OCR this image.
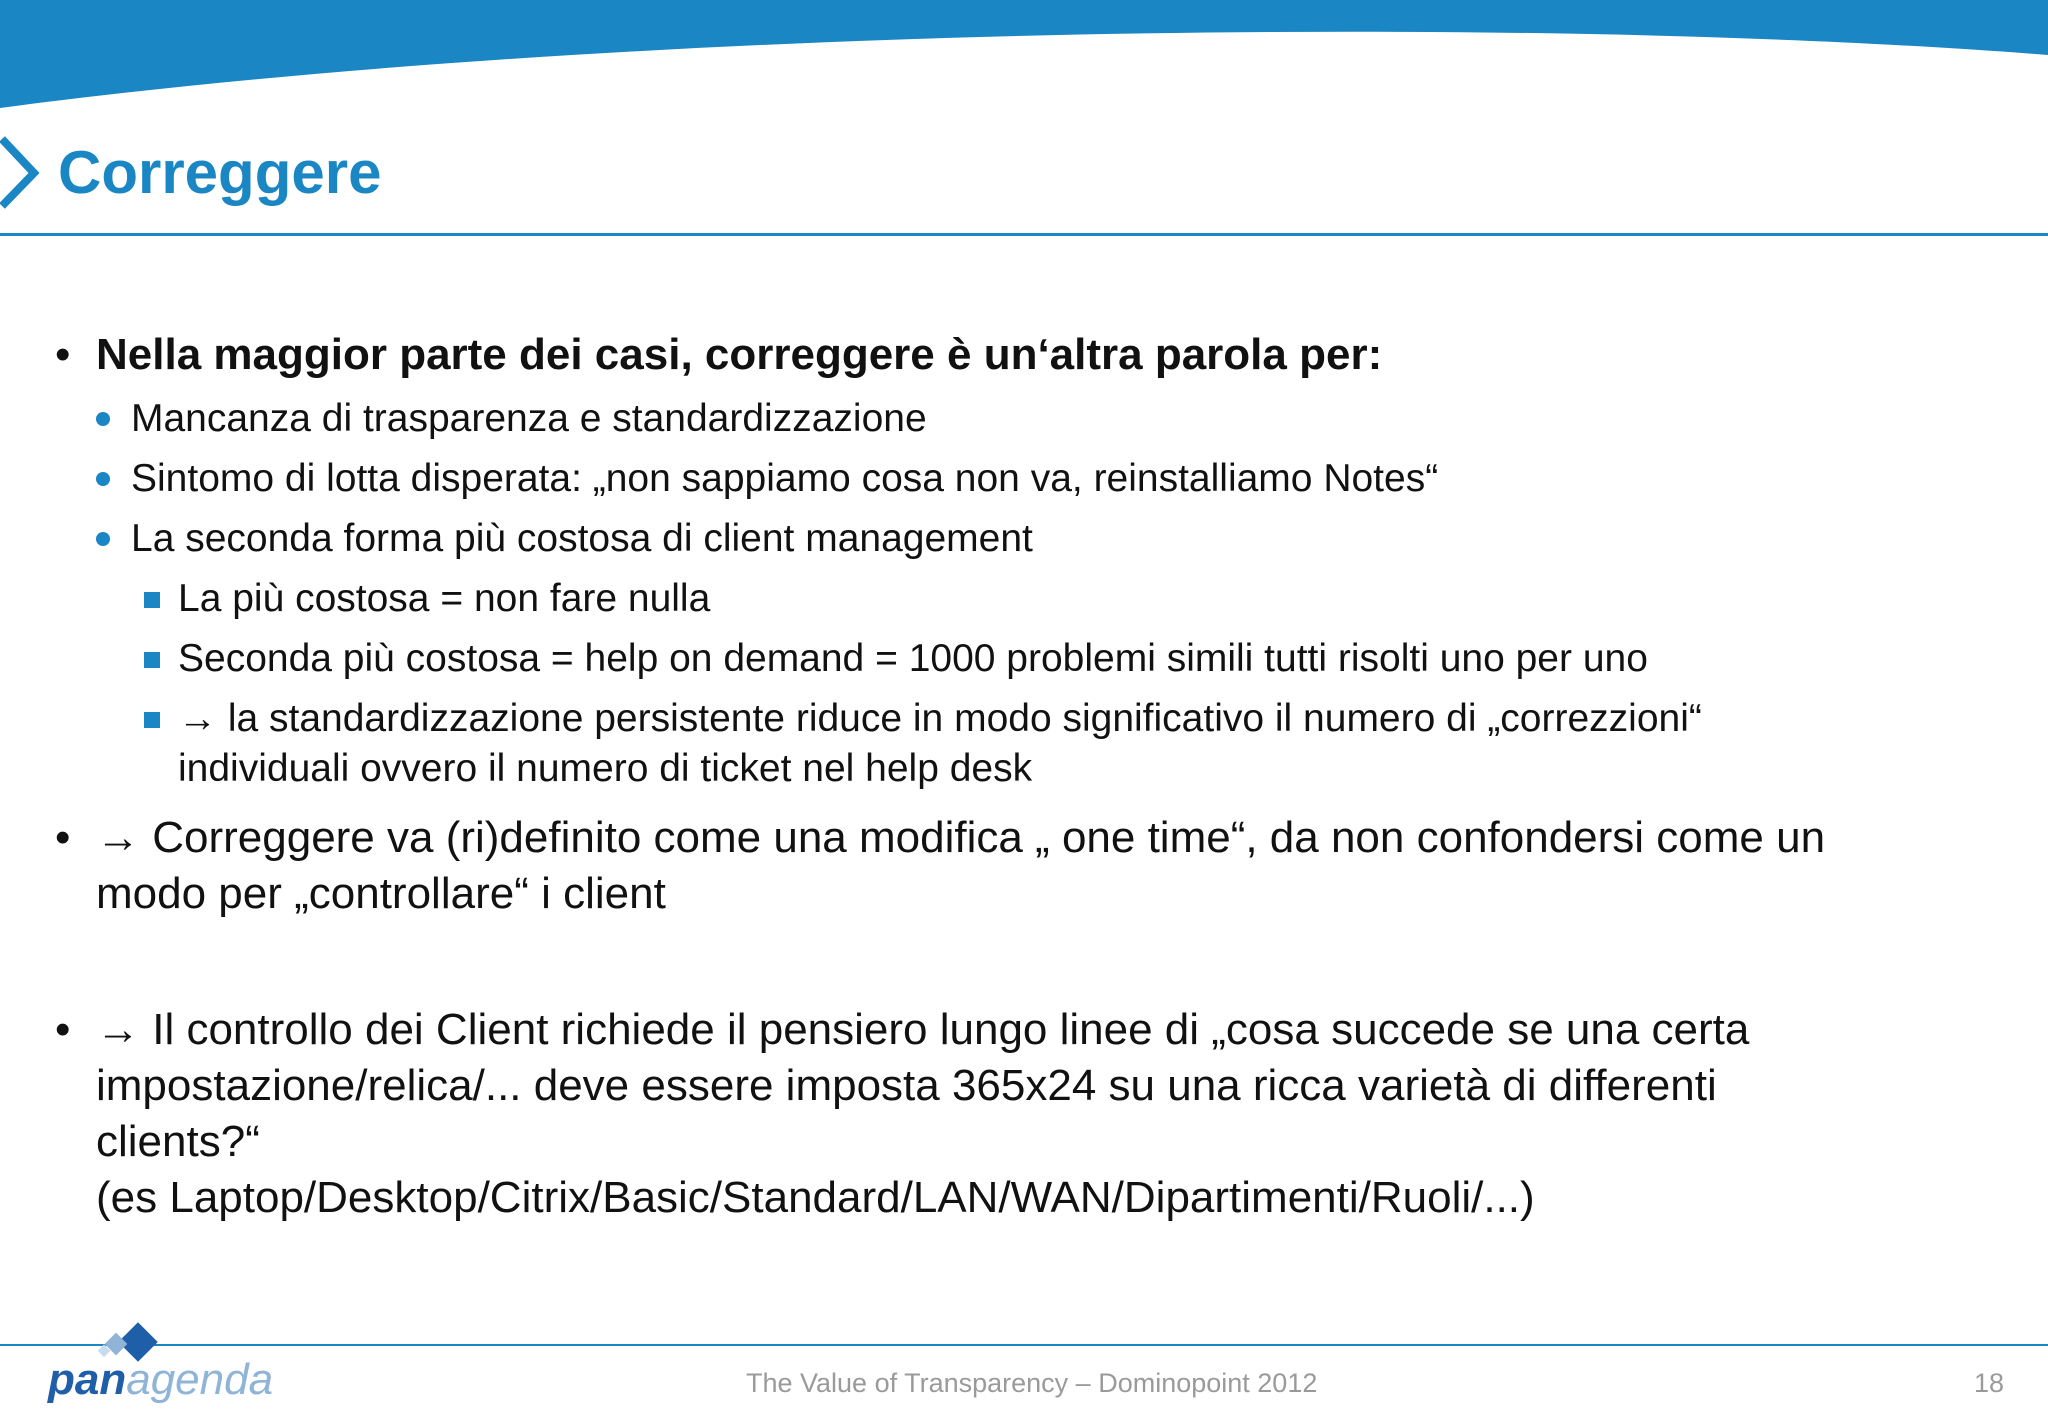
Correggere
• Nella maggior parte dei casi, correggere è un‘altra parola per:
Mancanza di trasparenza e standardizzazione
Sintomo di lotta disperata: „non sappiamo cosa non va, reinstalliamo Notes“
La seconda forma più costosa di client management
La più costosa = non fare nulla
Seconda più costosa = help on demand = 1000 problemi simili tutti risolti uno per uno
→ la standardizzazione persistente riduce in modo significativo il numero di „correzzioni“
individuali ovvero il numero di ticket nel help desk
• → Correggere va (ri)definito come una modifica „ one time“, da non confondersi come un
modo per „controllare“ i client
• → Il controllo dei Client richiede il pensiero lungo linee di „cosa succede se una certa
impostazione/relica/... deve essere imposta 365x24 su una ricca varietà di differenti
clients?“
(es Laptop/Desktop/Citrix/Basic/Standard/LAN/WAN/Dipartimenti/Ruoli/...)
panagenda	The Value of Transparency – Dominopoint 2012	18
